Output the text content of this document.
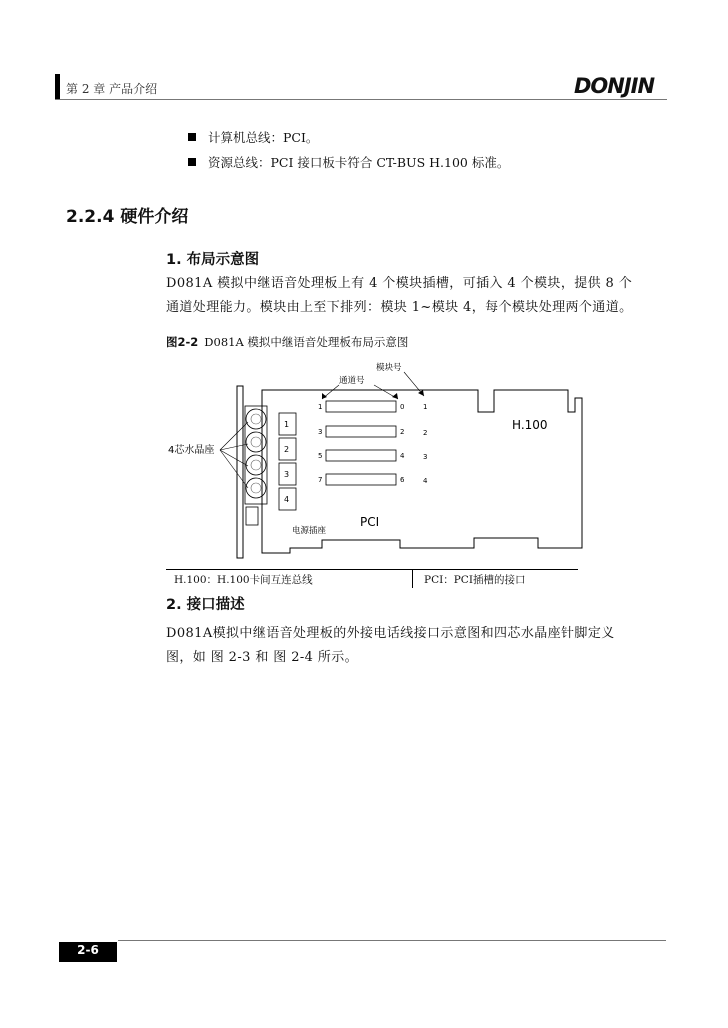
第 2 章 产品介绍	DONJIN
计算机总线：PCI。
资源总线：PCI 接口板卡符合 CT-BUS H.100 标准。
2.2.4 硬件介绍
1. 布局示意图
D081A 模拟中继语音处理板上有 4 个模块插槽，可插入 4 个模块，提供 8 个
通道处理能力。模块由上至下排列：模块 1~模块 4，每个模块处理两个通道。
图2-2 D081A 模拟中继语音处理板布局示意图
4芯水晶座
1
2
3
4
1
3
5
7
0
2
4
6
1
2
3
4
通道号
模块号
H.100
PCI
电源插座
H.100：H.100卡间互连总线	PCI：PCI插槽的接口
2. 接口描述
D081A模拟中继语音处理板的外接电话线接口示意图和四芯水晶座针脚定义
图，如 图 2-3 和 图 2-4 所示。
2-6
